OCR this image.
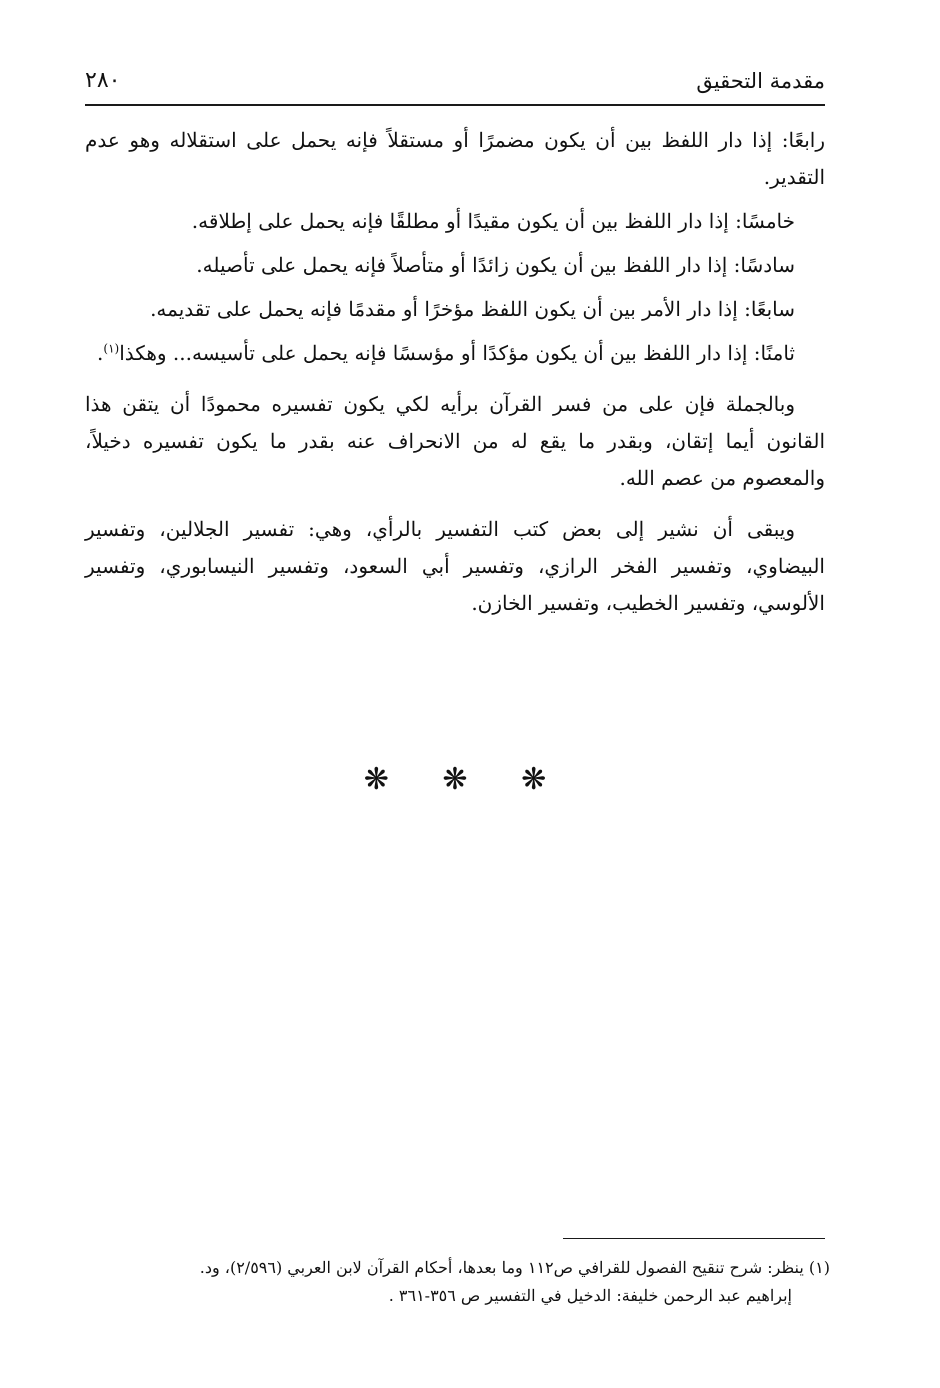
مقدمة التحقيق
٢٨٠

رابعًا: إذا دار اللفظ بين أن يكون مضمرًا أو مستقلاً فإنه يحمل على استقلاله وهو عدم التقدير.

خامسًا: إذا دار اللفظ بين أن يكون مقيدًا أو مطلقًا فإنه يحمل على إطلاقه.

سادسًا: إذا دار اللفظ بين أن يكون زائدًا أو متأصلاً فإنه يحمل على تأصيله.

سابعًا: إذا دار الأمر بين أن يكون اللفظ مؤخرًا أو مقدمًا فإنه يحمل على تقديمه.

ثامنًا: إذا دار اللفظ بين أن يكون مؤكدًا أو مؤسسًا فإنه يحمل على تأسيسه... وهكذا$^{(١)}$.

وبالجملة فإن على من فسر القرآن برأيه لكي يكون تفسيره محمودًا أن يتقن هذا القانون أيما إتقان، وبقدر ما يقع له من الانحراف عنه بقدر ما يكون تفسيره دخيلاً، والمعصوم من عصم الله.

ويبقى أن نشير إلى بعض كتب التفسير بالرأي، وهي: تفسير الجلالين، وتفسير البيضاوي، وتفسير الفخر الرازي، وتفسير أبي السعود، وتفسير النيسابوري، وتفسير الألوسي، وتفسير الخطيب، وتفسير الخازن.

❋ ❋ ❋
(١) ينظر: شرح تنقيح الفصول للقرافي ص١١٢ وما بعدها، أحكام القرآن لابن العربي (٢/٥٩٦)، ود.
إبراهيم عبد الرحمن خليفة: الدخيل في التفسير ص ٣٥٦-٣٦١ .
